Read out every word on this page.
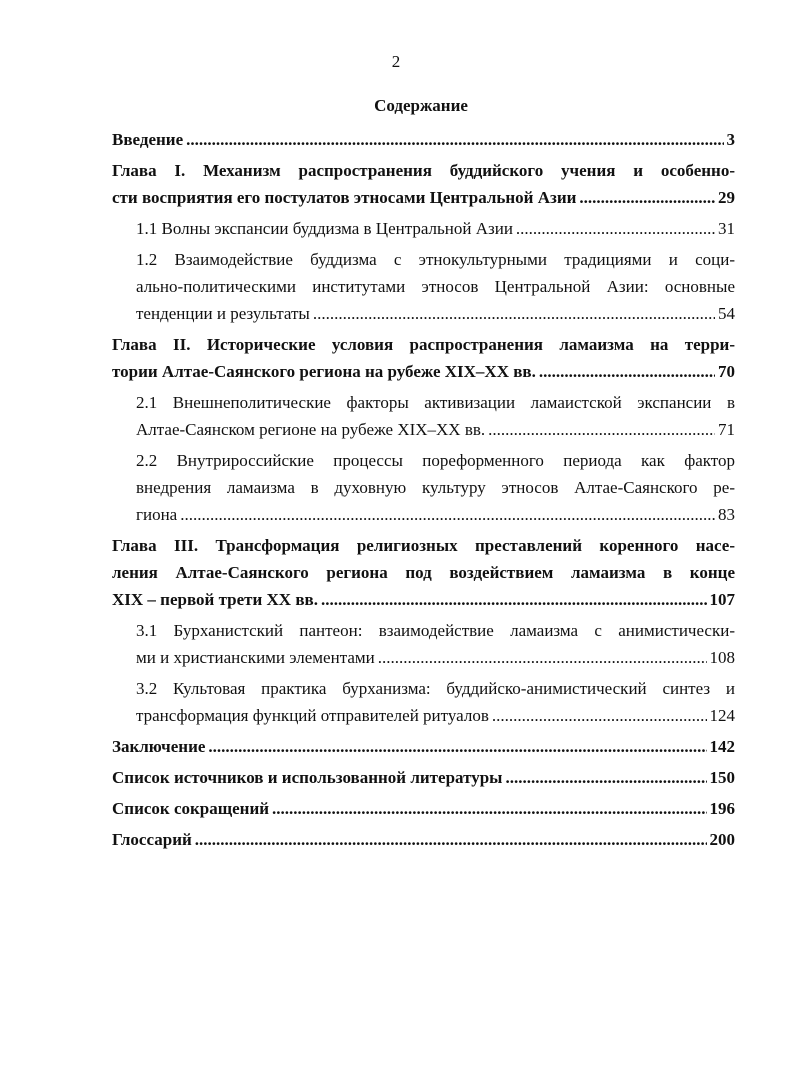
2
Содержание
Введение .....	3
Глава I. Механизм распространения буддийского учения и особенно-
сти восприятия его постулатов этносами Центральной Азии .....	29
1.1 Волны экспансии буддизма в Центральной Азии .....	31
1.2 Взаимодействие буддизма с этнокультурными традициями и соци-
ально-политическими институтами этносов Центральной Азии: основные
тенденции и результаты .....	54
Глава II. Исторические условия распространения ламаизма на терри-
тории Алтае-Саянского региона на рубеже XIX–XX вв. .....	70
2.1 Внешнеполитические факторы активизации ламаистской экспансии в
Алтае-Саянском регионе на рубеже XIX–XX вв. .....	71
2.2 Внутрироссийские процессы пореформенного периода как фактор
внедрения ламаизма в духовную культуру этносов Алтае-Саянского ре-
гиона .....	83
Глава III. Трансформация религиозных преставлений коренного насе-
ления Алтае-Саянского региона под воздействием ламаизма в конце
XIX – первой трети XX вв. .....	107
3.1 Бурханистский пантеон: взаимодействие ламаизма с анимистически-
ми и христианскими элементами .....	108
3.2 Культовая практика бурханизма: буддийско-анимистический синтез и
трансформация функций отправителей ритуалов .....	124
Заключение .....	142
Список источников и использованной литературы .....	150
Список сокращений .....	196
Глоссарий .....	200
